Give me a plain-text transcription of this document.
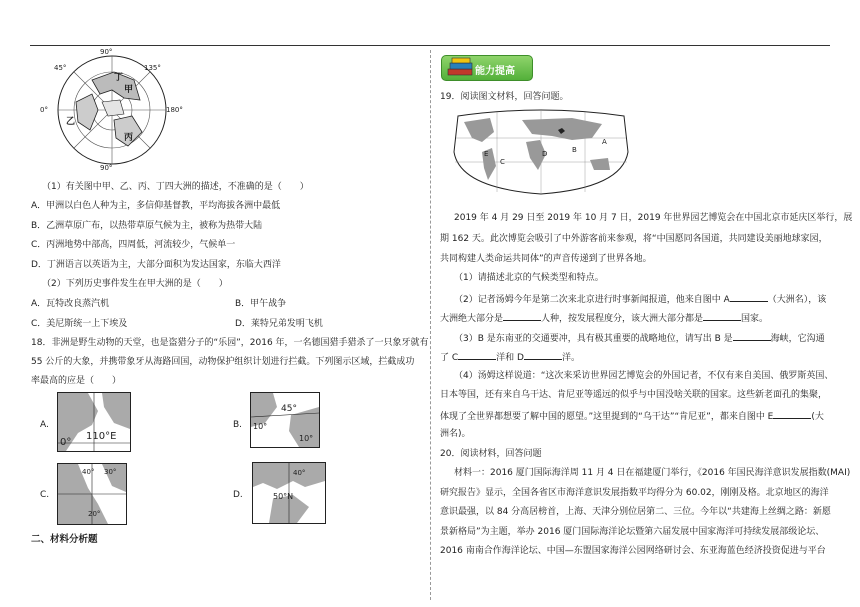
90°
45°	135°
0°	180°
甲
乙
丙
丁
90°
（1）有关图中甲、乙、丙、丁四大洲的描述，不准确的是（　　）
A．甲洲以白色人种为主，多信仰基督教，平均海拔各洲中最低
B．乙洲草原广布，以热带草原气候为主，被称为热带大陆
C．丙洲地势中部高，四周低，河流较少，气候单一
D．丁洲语言以英语为主，大部分面积为发达国家，东临大西洋
（2）下列历史事件发生在甲大洲的是（　　）
A．瓦特改良蒸汽机	B．甲午战争
C．美尼斯统一上下埃及	D．莱特兄弟发明飞机
18．非洲是野生动物的天堂，也是盗猎分子的“乐园”，2016 年，一名德国猎手猎杀了一只象牙就有
55 公斤的大象，并携带象牙从海路回国，动物保护组织计划进行拦截。下列图示区域，拦截成功
率最高的应是（　　）
A.
110°E
0°
B.
45°
10°
10°
C.
40° 30°
20°
D.
40°
50°N
二、材料分析题
能力提高
19．阅读图文材料，回答问题。
E
C
D	B
A
2019 年 4 月 29 日至 2019 年 10 月 7 日，2019 年世界园艺博览会在中国北京市延庆区举行，展
期 162 天。此次博览会吸引了中外游客前来参观，将“中国愿同各国道，共同建设美丽地球家园，
共同构建人类命运共同体”的声音传递到了世界各地。
（1）请描述北京的气候类型和特点。
（2）记者汤姆今年是第二次来北京进行时事新闻报道，他来自图中 A	（大洲名），该
大洲绝大部分是	人种，按发展程度分，该大洲大部分都是	国家。
（3）B 是东南亚的交通要冲，具有极其重要的战略地位，请写出 B 是	海峡，它沟通
了 C	洋和 D	洋。
（4）汤姆这样说道：“这次来采访世界园艺博览会的外国记者，不仅有来自美国、俄罗斯英国、
日本等国，还有来自乌干达、肯尼亚等遥远的似乎与中国没啥关联的国家。这些新老面孔的集聚，
体现了全世界都想要了解中国的愿望。”这里提到的“乌干达”“肯尼亚”，都来自图中 E	(大
洲名)。
20．阅读材料，回答问题
材料一：2016 厦门国际海洋周 11 月 4 日在福建厦门举行，《2016 年国民海洋意识发展指数(MAI)
研究报告》显示，全国各省区市海洋意识发展指数平均得分为 60.02，刚刚及格。北京地区的海洋
意识最强，以 84 分高居榜首，上海、天津分别位居第二、三位。今年以“共建海上丝绸之路：新愿
景新格局”为主题，举办 2016 厦门国际海洋论坛暨第六届发展中国家海洋可持续发展部级论坛、
2016 南南合作海洋论坛、中国—东盟国家海洋公园网络研讨会、东亚海蓝色经济投资促进与平台
